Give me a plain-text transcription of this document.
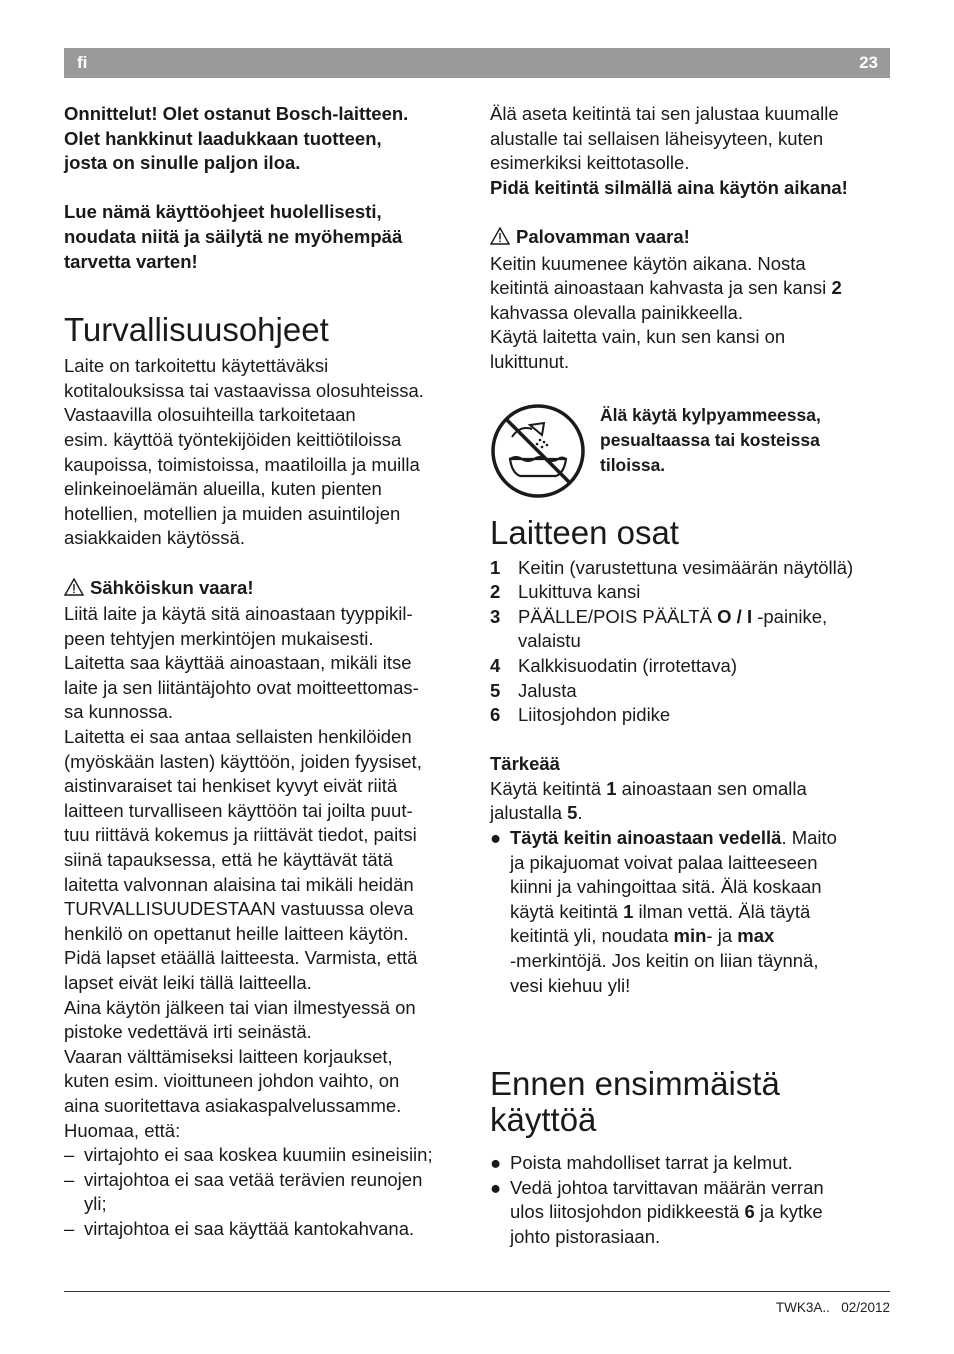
fi	23

Onnittelut! Olet ostanut Bosch-laitteen.

Olet hankkinut laadukkaan tuotteen,

josta on sinulle paljon iloa.

Lue nämä käyttöohjeet huolellisesti,

noudata niitä ja säilytä ne myöhempää

tarvetta varten!

Turvallisuusohjeet

Laite on tarkoitettu käytettäväksi

kotitalouksissa tai vastaavissa olosuhteissa.

Vastaavilla olosuihteilla tarkoitetaan

esim. käyttöä työntekijöiden keittiötiloissa

kaupoissa, toimistoissa, maatiloilla ja muilla

elinkeinoelämän alueilla, kuten pienten

hotellien, motellien ja muiden asuintilojen

asiakkaiden käytössä.

Sähköiskun vaara!

Liitä laite ja käytä sitä ainoastaan tyyppikil-

peen tehtyjen merkintöjen mukaisesti.

Laitetta saa käyttää ainoastaan, mikäli itse

laite ja sen liitäntäjohto ovat moitteettomas-

sa kunnossa.

Laitetta ei saa antaa sellaisten henkilöiden

(myöskään lasten) käyttöön, joiden fyysiset,

aistinvaraiset tai henkiset kyvyt eivät riitä

laitteen turvalliseen käyttöön tai joilta puut-

tuu riittävä kokemus ja riittävät tiedot, paitsi

siinä tapauksessa, että he käyttävät tätä

laitetta valvonnan alaisina tai mikäli heidän

TURVALLISUUDESTAAN vastuussa oleva

henkilö on opettanut heille laitteen käytön.

Pidä lapset etäällä laitteesta. Varmista, että

lapset eivät leiki tällä laitteella.

Aina käytön jälkeen tai vian ilmestyessä on

pistoke vedettävä irti seinästä.

Vaaran välttämiseksi laitteen korjaukset,

kuten esim. vioittuneen johdon vaihto, on

aina suoritettava asiakaspalvelussamme.

Huomaa, että:

– virtajohto ei saa koskea kuumiin esineisiin;
– virtajohtoa ei saa vetää terävien reunojen
yli;
– virtajohtoa ei saa käyttää kantokahvana.

Älä aseta keitintä tai sen jalustaa kuumalle

alustalle tai sellaisen läheisyyteen, kuten

esimerkiksi keittotasolle.

Pidä keitintä silmällä aina käytön aikana!

Palovamman vaara!

Keitin kuumenee käytön aikana. Nosta

keitintä ainoastaan kahvasta ja sen kansi 2

kahvassa olevalla painikkeella.

Käytä laitetta vain, kun sen kansi on

lukittunut.

Älä käytä kylpyammeessa,

pesualtaassa tai kosteissa

tiloissa.

Laitteen osat
1 Keitin (varustettuna vesimäärän näytöllä)
2 Lukittuva kansi
3 PÄÄLLE/POIS PÄÄLTÄ O / I -painike,
valaistu
4 Kalkkisuodatin (irrotettava)
5 Jalusta
6 Liitosjohdon pidike

Tärkeää

Käytä keitintä 1 ainoastaan sen omalla

jalustalla 5.

● Täytä keitin ainoastaan vedellä. Maito
ja pikajuomat voivat palaa laitteeseen
kiinni ja vahingoittaa sitä. Älä koskaan
käytä keitintä 1 ilman vettä. Älä täytä
keitintä yli, noudata min- ja max
-merkintöjä. Jos keitin on liian täynnä,
vesi kiehuu yli!
Ennen ensimmäistä
käyttöä
● Poista mahdolliset tarrat ja kelmut.
● Vedä johtoa tarvittavan määrän verran
ulos liitosjohdon pidikkeestä 6 ja kytke
johto pistorasiaan.
TWK3A.. 02/2012
